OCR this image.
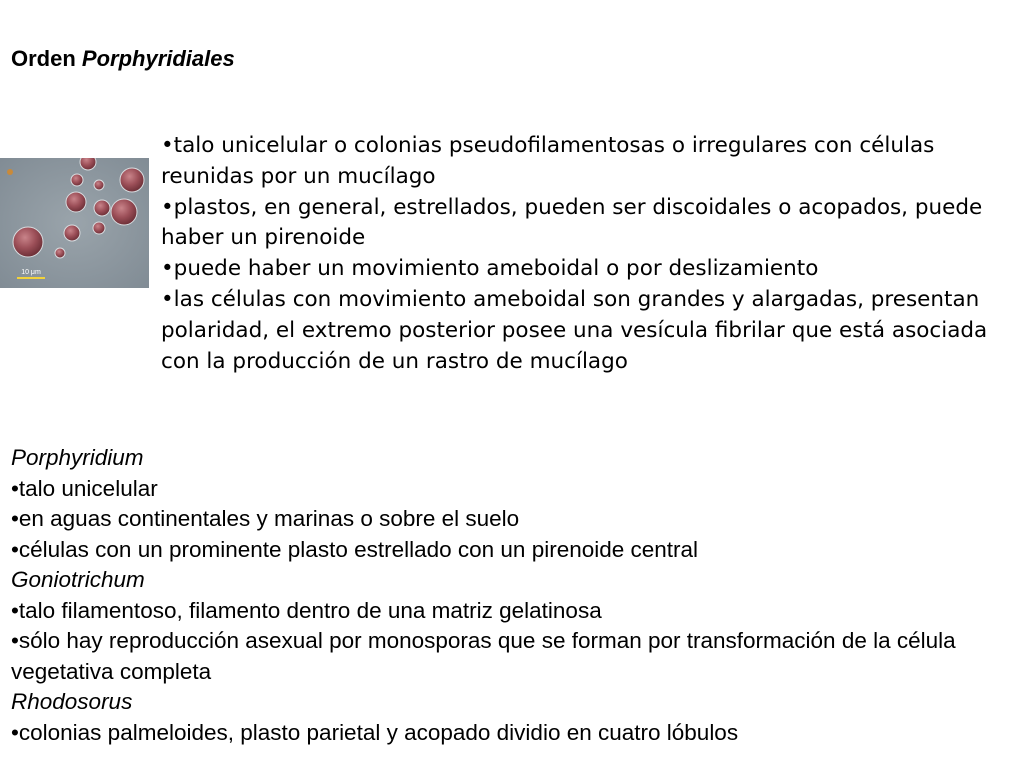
Orden Porphyridiales
10 μm
•talo unicelular o colonias pseudofilamentosas o irregulares con células reunidas por un mucílago
•plastos, en general, estrellados, pueden ser discoidales o acopados, puede haber un pirenoide
•puede haber un movimiento ameboidal o por deslizamiento
•las células con movimiento ameboidal son grandes y alargadas, presentan polaridad, el extremo posterior posee una vesícula fibrilar que está asociada con la producción de un rastro de mucílago

Porphyridium

•talo unicelular
•en aguas continentales y marinas o sobre el suelo
•células con un prominente plasto estrellado con un pirenoide central

Goniotrichum

•talo filamentoso, filamento dentro de una matriz gelatinosa
•sólo hay reproducción asexual por monosporas que se forman por transformación de la célula vegetativa completa

Rhodosorus

•colonias palmeloides, plasto parietal y acopado dividio en cuatro lóbulos
